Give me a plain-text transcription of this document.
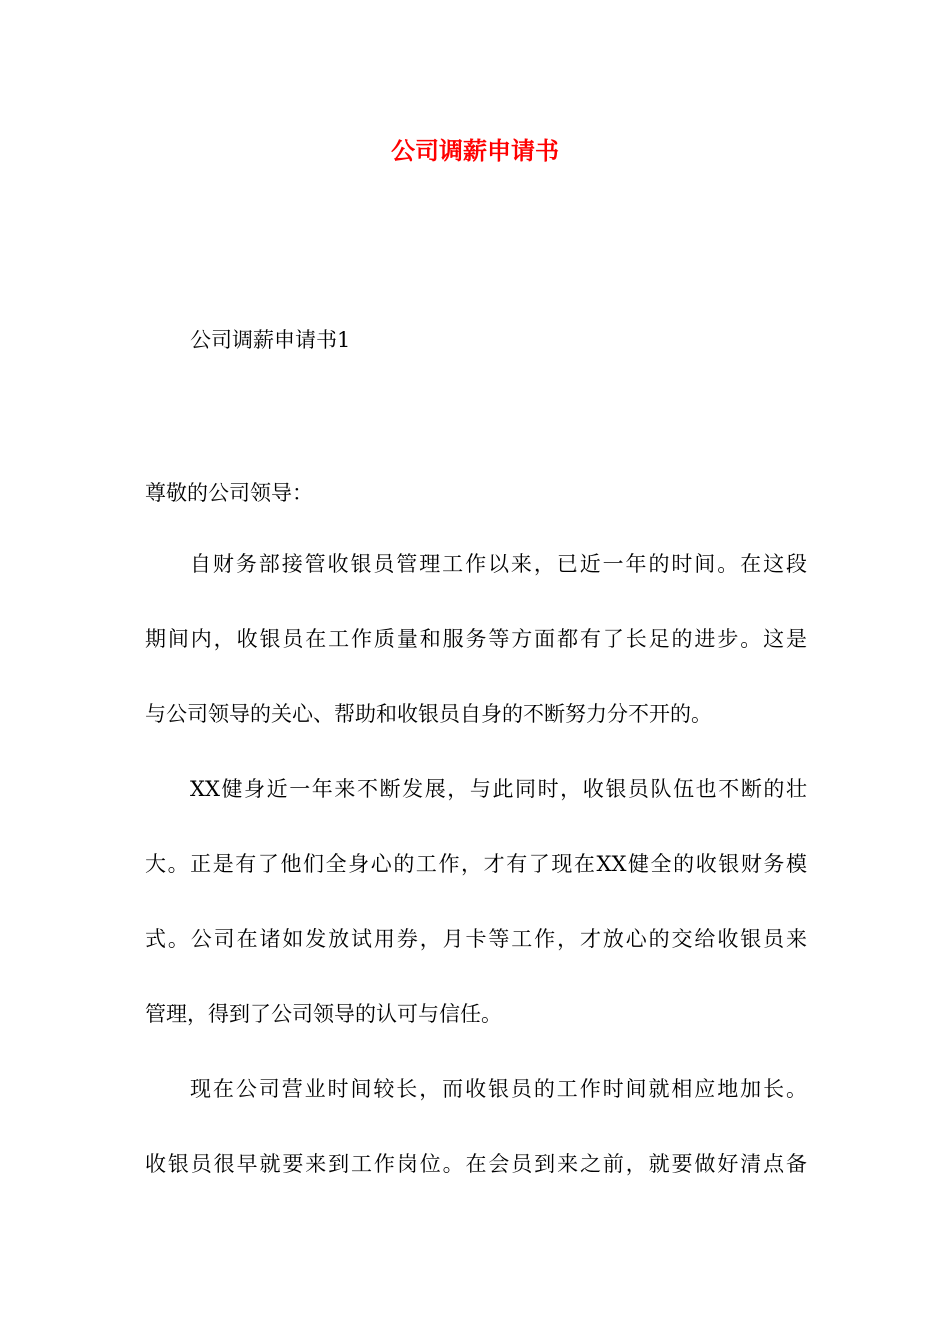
公司调薪申请书
公司调薪申请书1
尊敬的公司领导：
自财务部接管收银员管理工作以来，已近一年的时间。在这段
期间内，收银员在工作质量和服务等方面都有了长足的进步。这是
与公司领导的关心、帮助和收银员自身的不断努力分不开的。
XX健身近一年来不断发展，与此同时，收银员队伍也不断的壮
大。正是有了他们全身心的工作，才有了现在XX健全的收银财务模
式。公司在诸如发放试用券，月卡等工作，才放心的交给收银员来
管理，得到了公司领导的认可与信任。
现在公司营业时间较长，而收银员的工作时间就相应地加长。
收银员很早就要来到工作岗位。在会员到来之前，就要做好清点备
